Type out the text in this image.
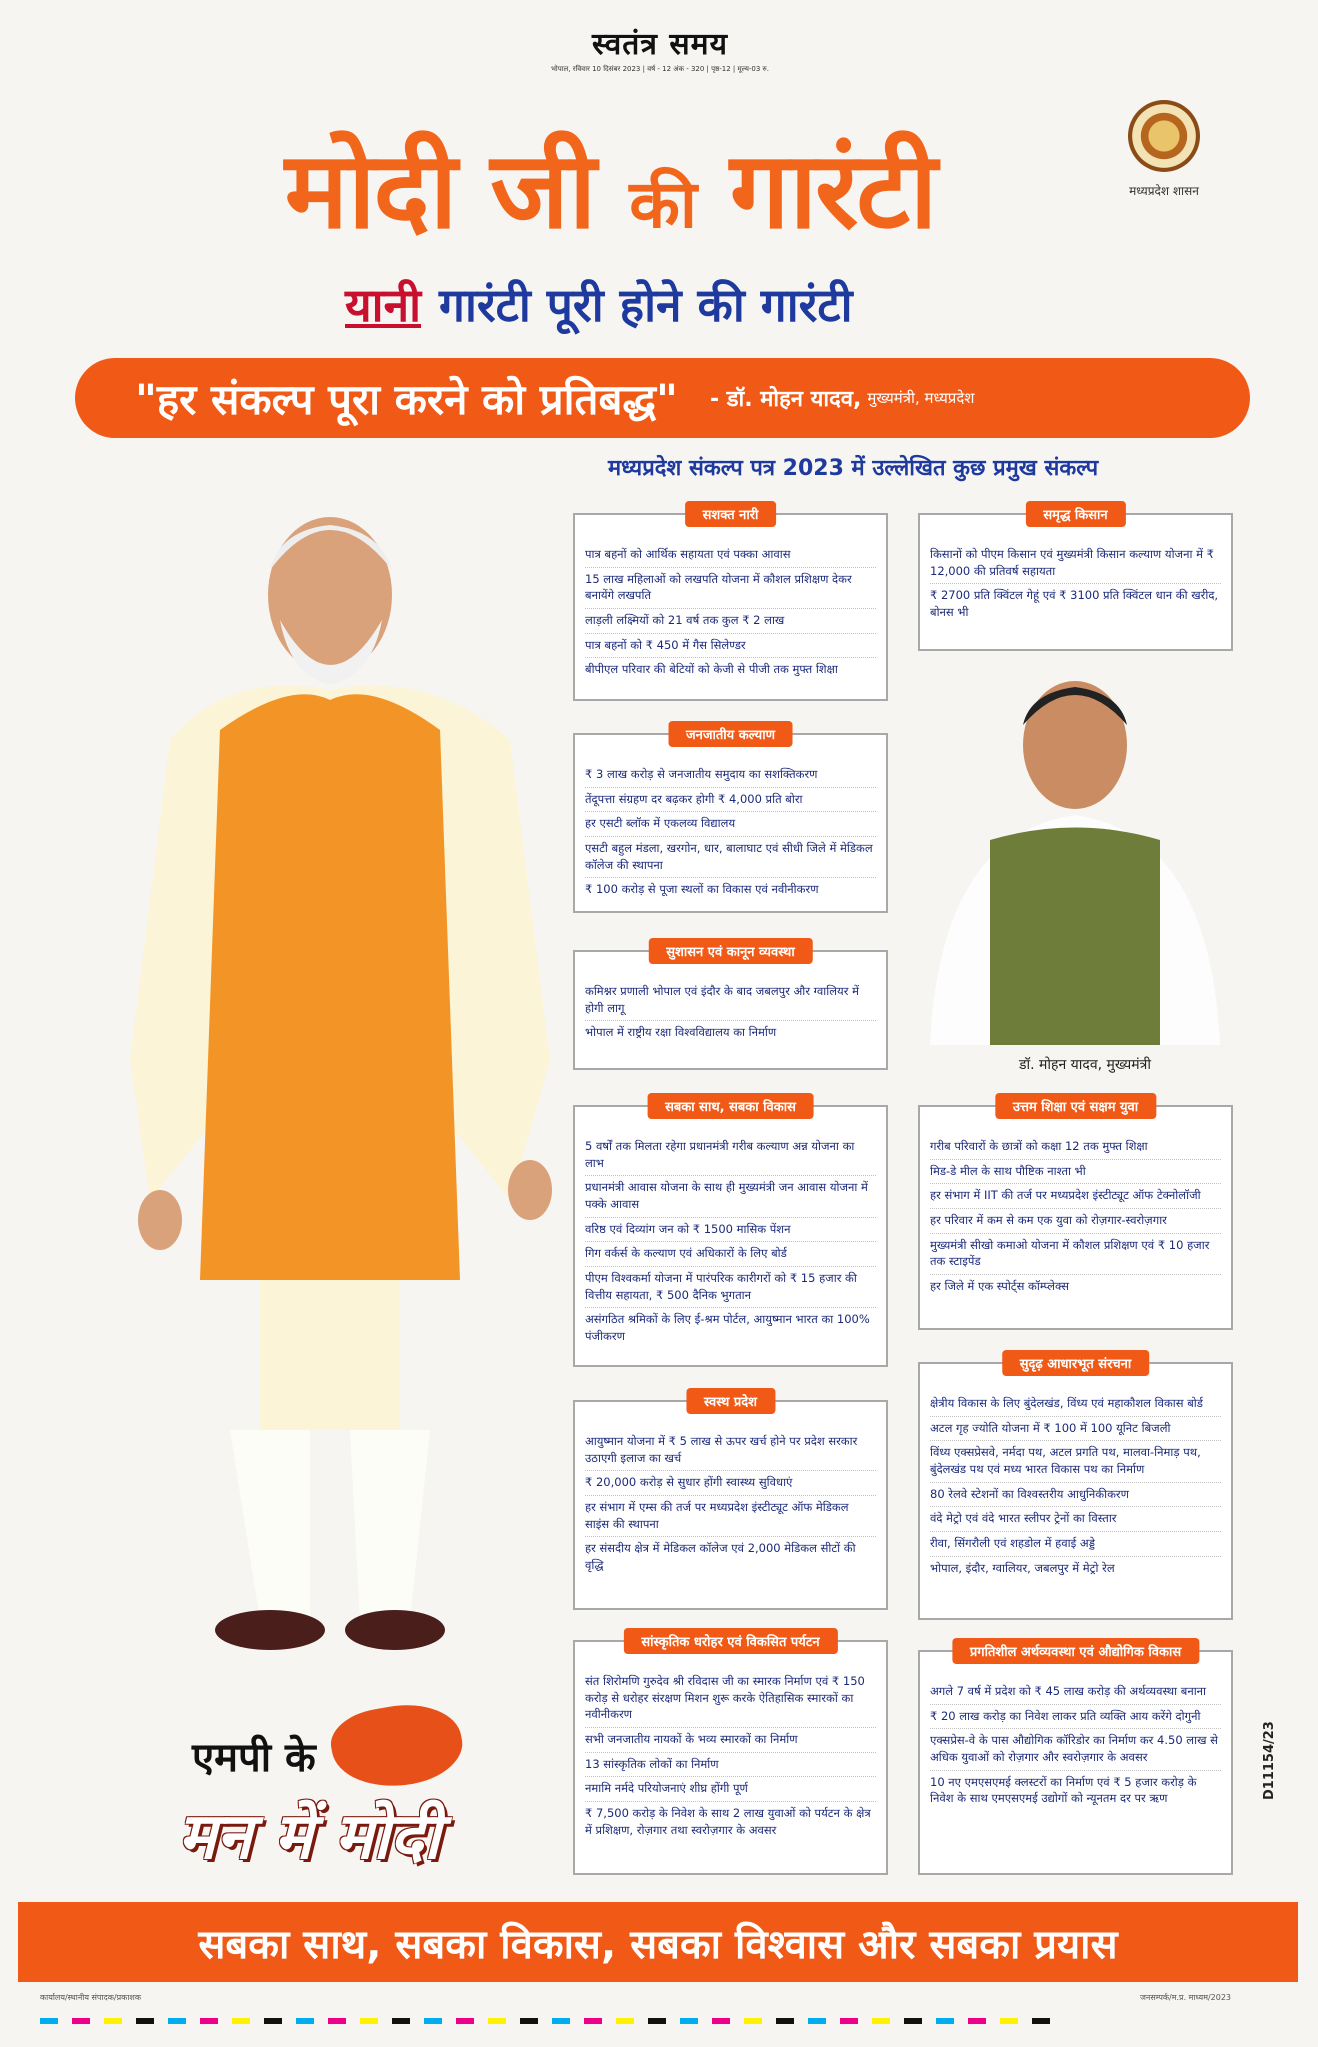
स्वतंत्र समय
भोपाल, रविवार 10 दिसंबर 2023 | वर्ष - 12 अंक - 320 | पृष्ठ-12 | मूल्य-03 रु.
मध्यप्रदेश शासन
मोदी जी की गारंटी
यानी गारंटी पूरी होने की गारंटी
"हर संकल्प पूरा करने को प्रतिबद्ध" - डॉ. मोहन यादव, मुख्यमंत्री, मध्यप्रदेश
मध्यप्रदेश संकल्प पत्र 2023 में उल्लेखित कुछ प्रमुख संकल्प
सशक्त नारी
पात्र बहनों को आर्थिक सहायता एवं पक्का आवास
15 लाख महिलाओं को लखपति योजना में कौशल प्रशिक्षण देकर बनायेंगे लखपति
लाड़ली लक्ष्मियों को 21 वर्ष तक कुल ₹ 2 लाख
पात्र बहनों को ₹ 450 में गैस सिलेण्डर
बीपीएल परिवार की बेटियों को केजी से पीजी तक मुफ्त शिक्षा
जनजातीय कल्याण
₹ 3 लाख करोड़ से जनजातीय समुदाय का सशक्तिकरण
तेंदूपत्ता संग्रहण दर बढ़कर होगी ₹ 4,000 प्रति बोरा
हर एसटी ब्लॉक में एकलव्य विद्यालय
एसटी बहुल मंडला, खरगोन, धार, बालाघाट एवं सीधी जिले में मेडिकल कॉलेज की स्थापना
₹ 100 करोड़ से पूजा स्थलों का विकास एवं नवीनीकरण
सुशासन एवं कानून व्यवस्था
कमिश्नर प्रणाली भोपाल एवं इंदौर के बाद जबलपुर और ग्वालियर में होगी लागू
भोपाल में राष्ट्रीय रक्षा विश्वविद्यालय का निर्माण
सबका साथ, सबका विकास
5 वर्षों तक मिलता रहेगा प्रधानमंत्री गरीब कल्याण अन्न योजना का लाभ
प्रधानमंत्री आवास योजना के साथ ही मुख्यमंत्री जन आवास योजना में पक्के आवास
वरिष्ठ एवं दिव्यांग जन को ₹ 1500 मासिक पेंशन
गिग वर्कर्स के कल्याण एवं अधिकारों के लिए बोर्ड
पीएम विश्वकर्मा योजना में पारंपरिक कारीगरों को ₹ 15 हजार की वित्तीय सहायता, ₹ 500 दैनिक भुगतान
असंगठित श्रमिकों के लिए ई-श्रम पोर्टल, आयुष्मान भारत का 100% पंजीकरण
स्वस्थ प्रदेश
आयुष्मान योजना में ₹ 5 लाख से ऊपर खर्च होने पर प्रदेश सरकार उठाएगी इलाज का खर्च
₹ 20,000 करोड़ से सुधार होंगी स्वास्थ्य सुविधाएं
हर संभाग में एम्स की तर्ज पर मध्यप्रदेश इंस्टीट्यूट ऑफ मेडिकल साइंस की स्थापना
हर संसदीय क्षेत्र में मेडिकल कॉलेज एवं 2,000 मेडिकल सीटों की वृद्धि
सांस्कृतिक धरोहर एवं विकसित पर्यटन
संत शिरोमणि गुरुदेव श्री रविदास जी का स्मारक निर्माण एवं ₹ 150 करोड़ से धरोहर संरक्षण मिशन शुरू करके ऐतिहासिक स्मारकों का नवीनीकरण
सभी जनजातीय नायकों के भव्य स्मारकों का निर्माण
13 सांस्कृतिक लोकों का निर्माण
नमामि नर्मदे परियोजनाएं शीघ्र होंगी पूर्ण
₹ 7,500 करोड़ के निवेश के साथ 2 लाख युवाओं को पर्यटन के क्षेत्र में प्रशिक्षण, रोज़गार तथा स्वरोज़गार के अवसर
समृद्ध किसान
किसानों को पीएम किसान एवं मुख्यमंत्री किसान कल्याण योजना में ₹ 12,000 की प्रतिवर्ष सहायता
₹ 2700 प्रति क्विंटल गेहूं एवं ₹ 3100 प्रति क्विंटल धान की खरीद, बोनस भी
डॉ. मोहन यादव, मुख्यमंत्री
उत्तम शिक्षा एवं सक्षम युवा
गरीब परिवारों के छात्रों को कक्षा 12 तक मुफ्त शिक्षा
मिड-डे मील के साथ पौष्टिक नाश्ता भी
हर संभाग में IIT की तर्ज पर मध्यप्रदेश इंस्टीट्यूट ऑफ टेक्नोलॉजी
हर परिवार में कम से कम एक युवा को रोज़गार-स्वरोज़गार
मुख्यमंत्री सीखो कमाओ योजना में कौशल प्रशिक्षण एवं ₹ 10 हजार तक स्टाइपेंड
हर जिले में एक स्पोर्ट्स कॉम्प्लेक्स
सुदृढ़ आधारभूत संरचना
क्षेत्रीय विकास के लिए बुंदेलखंड, विंध्य एवं महाकौशल विकास बोर्ड
अटल गृह ज्योति योजना में ₹ 100 में 100 यूनिट बिजली
विंध्य एक्सप्रेसवे, नर्मदा पथ, अटल प्रगति पथ, मालवा-निमाड़ पथ, बुंदेलखंड पथ एवं मध्य भारत विकास पथ का निर्माण
80 रेलवे स्टेशनों का विश्वस्तरीय आधुनिकीकरण
वंदे मेट्रो एवं वंदे भारत स्लीपर ट्रेनों का विस्तार
रीवा, सिंगरौली एवं शहडोल में हवाई अड्डे
भोपाल, इंदौर, ग्वालियर, जबलपुर में मेट्रो रेल
प्रगतिशील अर्थव्यवस्था एवं औद्योगिक विकास
अगले 7 वर्ष में प्रदेश को ₹ 45 लाख करोड़ की अर्थव्यवस्था बनाना
₹ 20 लाख करोड़ का निवेश लाकर प्रति व्यक्ति आय करेंगे दोगुनी
एक्सप्रेस-वे के पास औद्योगिक कॉरिडोर का निर्माण कर 4.50 लाख से अधिक युवाओं को रोज़गार और स्वरोज़गार के अवसर
10 नए एमएसएमई क्लस्टरों का निर्माण एवं ₹ 5 हजार करोड़ के निवेश के साथ एमएसएमई उद्योगों को न्यूनतम दर पर ऋण
एमपी के
मन में मोदी
D11154/23
सबका साथ, सबका विकास, सबका विश्वास और सबका प्रयास
कार्यालय/स्थानीय संपादक/प्रकाशक	जनसम्पर्क/म.प्र. माध्यम/2023
